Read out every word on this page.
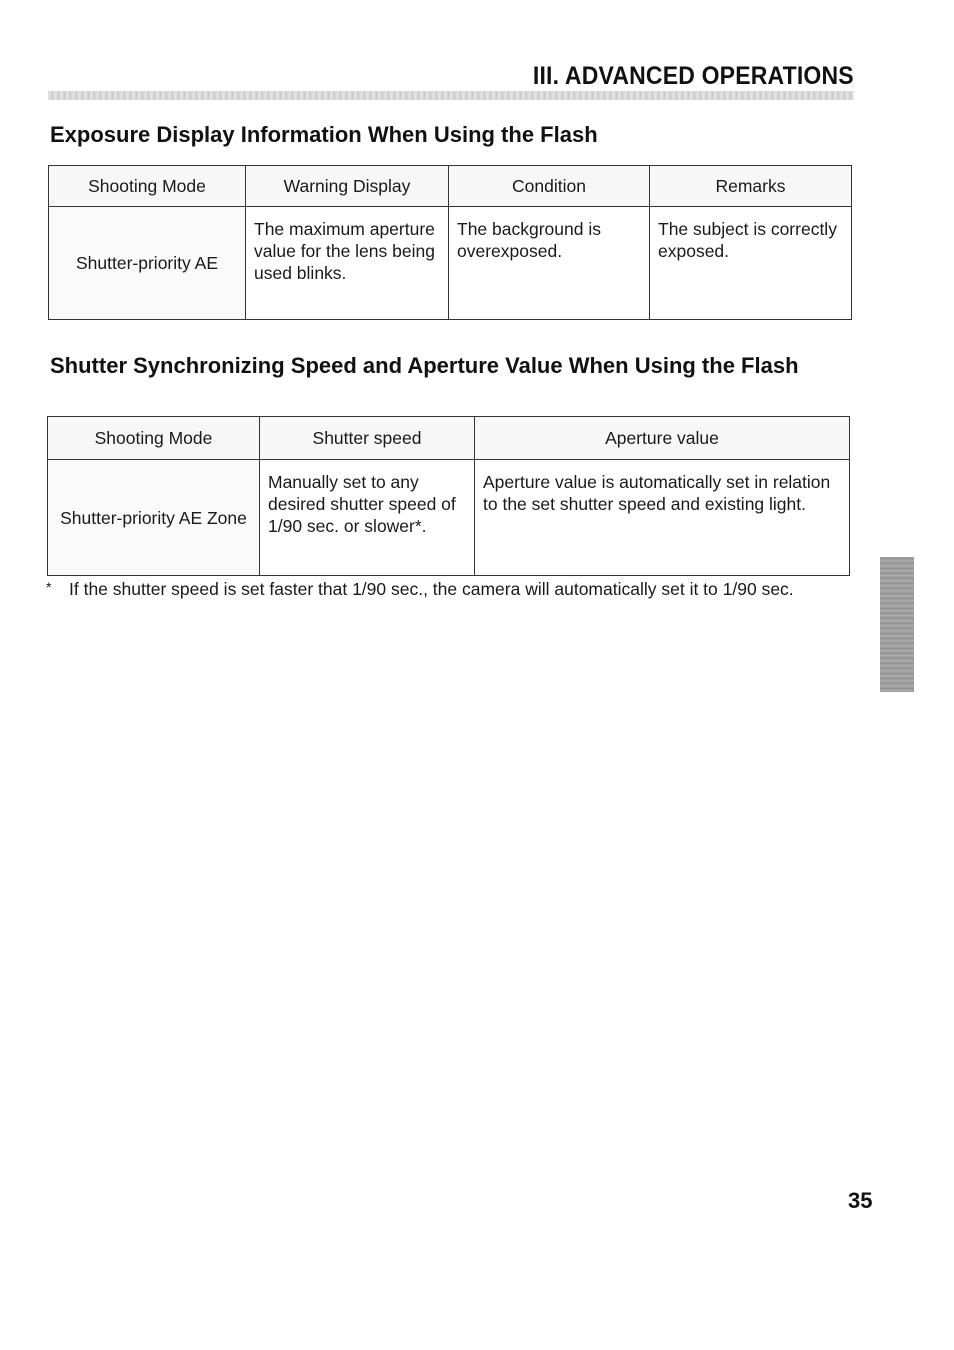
III. ADVANCED OPERATIONS
Exposure Display Information When Using the Flash
Shooting Mode	Warning Display	Condition	Remarks
Shutter-priority AE	The maximum aperture value for the lens being used blinks.	The background is overexposed.	The subject is correctly exposed.
Shutter Synchronizing Speed and Aperture Value When Using the Flash
Shooting Mode	Shutter speed	Aperture value
Shutter-priority AE Zone	Manually set to any desired shutter speed of 1/90 sec. or slower*.	Aperture value is automatically set in relation to the set shutter speed and existing light.
* If the shutter speed is set faster that 1/90 sec., the camera will automatically set it to 1/90 sec.
35
